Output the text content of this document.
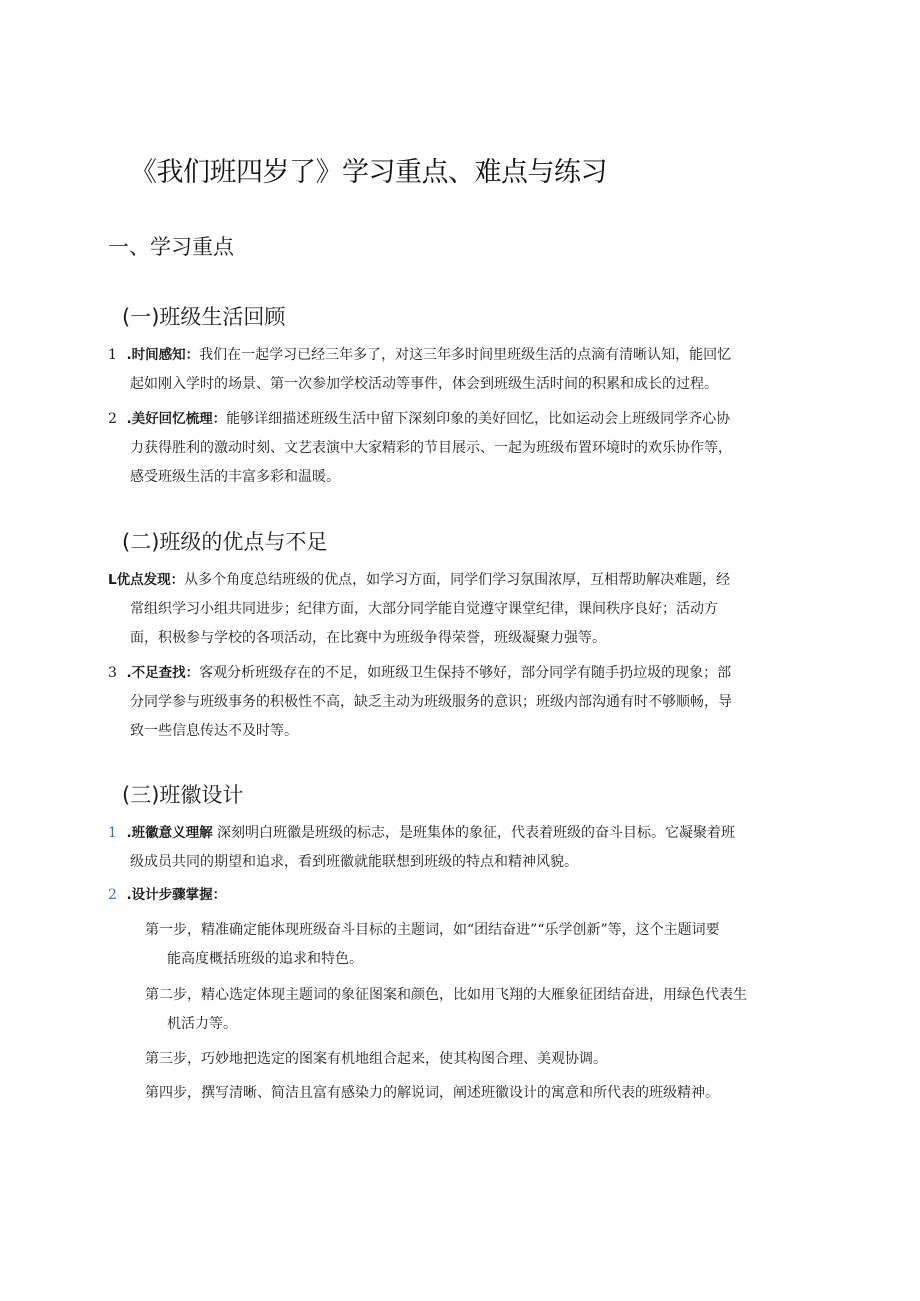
《我们班四岁了》学习重点、难点与练习
一、学习重点
(一)班级生活回顾
1 .时间感知：我们在一起学习已经三年多了，对这三年多时间里班级生活的点滴有清晰认知，能回忆
起如刚入学时的场景、第一次参加学校活动等事件，体会到班级生活时间的积累和成长的过程。
2 .美好回忆梳理：能够详细描述班级生活中留下深刻印象的美好回忆，比如运动会上班级同学齐心协
力获得胜利的激动时刻、文艺表演中大家精彩的节目展示、一起为班级布置环境时的欢乐协作等，
感受班级生活的丰富多彩和温暖。
(二)班级的优点与不足
L优点发现：从多个角度总结班级的优点，如学习方面，同学们学习氛围浓厚，互相帮助解决难题，经
常组织学习小组共同进步；纪律方面，大部分同学能自觉遵守课堂纪律，课间秩序良好；活动方
面，积极参与学校的各项活动，在比赛中为班级争得荣誉，班级凝聚力强等。
3 .不足查找：客观分析班级存在的不足，如班级卫生保持不够好，部分同学有随手扔垃圾的现象；部
分同学参与班级事务的积极性不高，缺乏主动为班级服务的意识；班级内部沟通有时不够顺畅，导
致一些信息传达不及时等。
(三)班徽设计
1 .班徽意义理解 深刻明白班徽是班级的标志，是班集体的象征，代表着班级的奋斗目标。它凝聚着班
级成员共同的期望和追求，看到班徽就能联想到班级的特点和精神风貌。
2 .设计步骤掌握：
第一步，精准确定能体现班级奋斗目标的主题词，如“团结奋进”“乐学创新”等，这个主题词要
能高度概括班级的追求和特色。
第二步，精心选定体现主题词的象征图案和颜色，比如用飞翔的大雁象征团结奋进，用绿色代表生
机活力等。
第三步，巧妙地把选定的图案有机地组合起来，使其构图合理、美观协调。
第四步，撰写清晰、简洁且富有感染力的解说词，阐述班徽设计的寓意和所代表的班级精神。
